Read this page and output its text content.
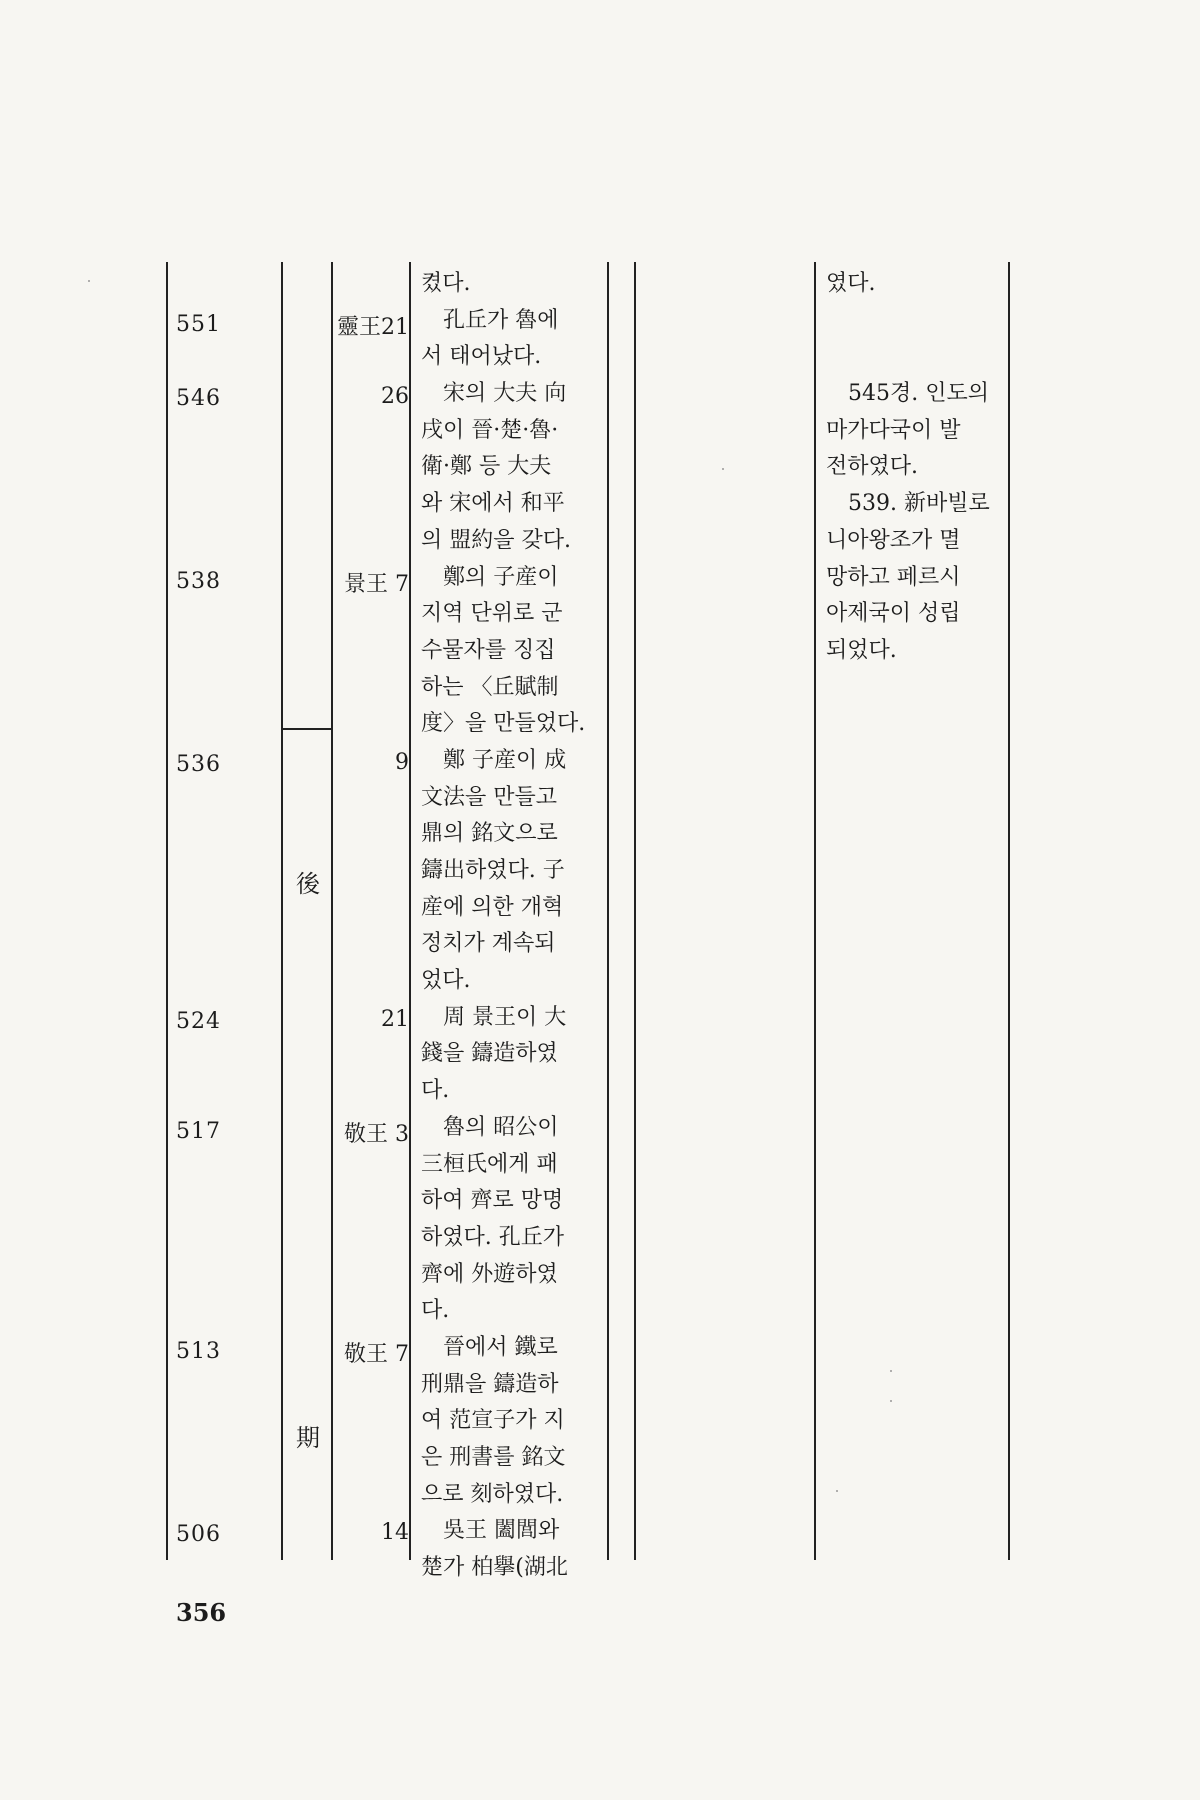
551
546
538
536
524
517
513
506
後
期
靈王21
26
景王 7
9
21
敬王 3
敬王 7
14
켰다.
孔丘가 魯에
서 태어났다.
宋의 大夫 向
戌이 晉·楚·魯·
衛·鄭 등 大夫
와 宋에서 和平
의 盟約을 갖다.
鄭의 子産이
지역 단위로 군
수물자를 징집
하는 〈丘賦制
度〉을 만들었다.
鄭 子産이 成
文法을 만들고
鼎의 銘文으로
鑄出하였다. 子
産에 의한 개혁
정치가 계속되
었다.
周 景王이 大
錢을 鑄造하였
다.
魯의 昭公이
三桓氏에게 패
하여 齊로 망명
하였다. 孔丘가
齊에 外遊하였
다.
晉에서 鐵로
刑鼎을 鑄造하
여 范宣子가 지
은 刑書를 銘文
으로 刻하였다.
吳王 闔閭와
楚가 柏擧(湖北
였다.
545경. 인도의
마가다국이 발
전하였다.
539. 新바빌로
니아왕조가 멸
망하고 페르시
아제국이 성립
되었다.
356
